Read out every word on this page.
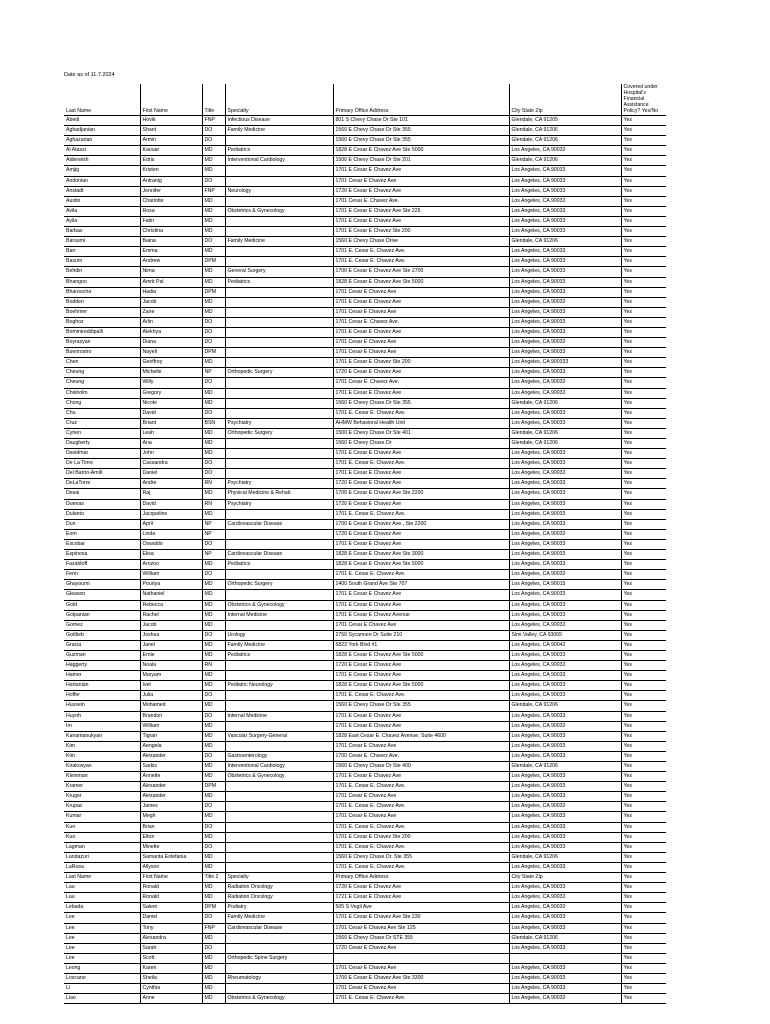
Date as of 11.7.2024
Last Name	First Name	Title	Specialty	Primary Office Address	City State Zip	Covered under Hospital's Financial Assistance Policy? Yes/No
Abedi	Hovik	FNP	Infectious Disease	801 S Chevy Chase Dr Ste 101	Glendale, CA 91205	Yes
Aghadjanian	Shant	DO	Family Medicine	1560 E Chevy Chase Dr Ste 355	Glendale, CA 91206	Yes
Aghazarian	Armin	DO		1560 E Chevy Chase Dr Ste 355	Glendale, CA 91206	Yes
Al Atassi	Kaouar	MD	Pediatrics	1828 E Cesar E Chavez Ave Ste 5000	Los Angeles, CA 90033	Yes
Alderwish	Edris	MD	Interventional Cardiology	1500 E Chevy Chase Dr Ste 201	Glendale, CA 91206	Yes
Amjig	Kristen	MD		1701 E Cesar E Chavez Ave	Los Angeles, CA 90033	Yes
Andonian	Antranig	DO		1701 Cesar E Chavez Ave	Los Angeles, CA 90033	Yes
Anstadt	Jennifer	FNP	Neurology	1720 E Cesar E Chavez Ave	Los Angeles, CA 90033	Yes
Austin	Charlotte	MD		1701 Cesar E. Chavez Ave.	Los Angeles, CA 90033	Yes
Avila	Rosa	MD	Obstetrics & Gynecology	1701 E Cesar E Chavez Ave Ste 225	Los Angeles, CA 90033	Yes
Aylia	Fatin	MD		1701 E Cesar E Chavez Ave	Los Angeles, CA 90033	Yes
Barbas	Christina	MD		1701 E Cesar E Chavez Ste 200	Los Angeles, CA 90033	Yes
Barsumi	Baina	DO	Family Medicine	1560 E Chevy Chase Drive	Glendale, CA 91206	Yes
Barr	Emma	MD		1701 E. Cesar E. Chavez Ave.	Los Angeles, CA 90033	Yes
Basum	Andrew	DPM		1701 E. Cesar E. Chavez Ave.	Los Angeles, CA 90033	Yes
Behdin	Nima	MD	General Surgery	1700 E Cesar E Chavez Ave Ste 2700	Los Angeles, CA 90033	Yes
Bhangoo	Amrit Pal	MD	Pediatrics	1828 E Cesar E Chavez Ave Ste 5000	Los Angeles, CA 90033	Yes
Bharoocha	Hadia	DPM		1701 Cesar E Chavez Ave	Los Angeles, CA 90033	Yes
Bodden	Jacob	MD		1701 E Cesar E Chavez Ave	Los Angeles, CA 90033	Yes
Boehmer	Zane	MD		1701 Cesar E Chavez Ave	Los Angeles, CA 90033	Yes
Boghoz	Arlin	DO		1701 Cesar E. Chavez Ave.	Los Angeles, CA 90033	Yes
Bommireddipalli	Alekhya	DO		1701 E Cesar E Chavez Ave	Los Angeles, CA 90033	Yes
Boyrazyan	Diana	DO		1701 Cesar E Chavez Ave	Los Angeles, CA 90033	Yes
Buenrostro	Nayeli	DPM		1701 Cesar E Chavez Ave	Los Angeles, CA 90033	Yes
Chen	Geoffrey	MD		1701 E Cesar E Chavez Ste 200	Los Angeles, CA 900333	Yes
Cheung	Michelle	NP	Orthopedic Surgery	1720 E Cesar E Chavez Ave	Los Angeles, CA 90033	Yes
Cheung	Willy	DO		1701 Cesar E. Chavez Ave.	Los Angeles, CA 90033	Yes
Chisholm	Gregory	MD		1701 E Cesar E Chavez Ave	Los Angeles, CA 90033	Yes
Chong	Nicole	MD		1560 E Chevy Chase Dr Ste 355	Glendale, CA 91206	Yes
Chu	David	DO		1701 E. Cesar E. Chavez Ave.	Los Angeles, CA 90033	Yes
Cruz	Briant	BSN	Psychiatry	AHMW Behavioral Health Unit	Los Angeles, CA 90033	Yes
Cyrien	Leah	MD	Orthopedic Surgery	1500 E Chevy Chase Dr Ste 401	Glendale, CA 91206	Yes
Daugherty	Ana	MD		1560 E Chevy Chase Dr	Glendale, CA 91206	Yes
Davidmar	John	MD		1701 E Cesar E Chavez Ave	Los Angeles, CA 90033	Yes
De La Torre	Cassandra	DO		1701 E. Cesar E. Chavez Ave.	Los Angeles, CA 90033	Yes
Del Barrio-Amill	Daniel	DO		1701 E Cesar E Chavez Ave	Los Angeles, CA 90033	Yes
DeLaTorre	Andre	RN	Psychiatry	1720 E Cesar E Chavez Ave	Los Angeles, CA 90033	Yes
Desai	Raj	MD	Physical Medicine & Rehab	1700 E Cesar E Chavez Ave Ste 2200	Los Angeles, CA 90033	Yes
Duenas	David	RN	Psychiatry	1720 E Cesar E Chavez Ave	Los Angeles, CA 90033	Yes
Dulanto	Jacqueline	MD		1701 E. Cesar E. Chavez Ave.	Los Angeles, CA 90033	Yes
Dun	April	NP	Cardiovascular Disease	1700 E Cesar E Chavez Ave., Ste 2200	Los Angeles, CA 90033	Yes
Eom	Linda	NP		1720 E Cesar E Chavez Ave	Los Angeles, CA 90033	Yes
Escobar	Oswaldo	DO		1701 E Cesar E Chavez Ave	Los Angeles, CA 90033	Yes
Espinosa	Elisa	NP	Cardiovascular Disease	1828 E Cesar E Chavez Ave Ste 3000	Los Angeles, CA 90033	Yes
Fazaldoff	Arozoo	MD	Pediatrics	1828 E Cesar E Chavez Ave Ste 5000	Los Angeles, CA 90033	Yes
Fenn	William	DO		1701 E. Cesar E. Chavez Ave.	Los Angeles, CA 90033	Yes
Ghayoumi	Pouriya	MD	Orthopedic Surgery	1400 South Grand Ave Ste 707	Los Angeles, CA 90015	Yes
Gleason	Nathaniel	MD		1701 E Cesar E Chavez Ave	Los Angeles, CA 90033	Yes
Gold	Rebecca	MD	Obstetrics & Gynecology	1701 E Cesar E Chavez Ave	Los Angeles, CA 90033	Yes
Golpanian	Rachel	MD	Internal Medicine	1701 E Cesar E Chavez Avenue	Los Angeles, CA 90033	Yes
Gomez	Jacob	MD		1701 Cesar E Chavez Ave	Los Angeles, CA 90033	Yes
Gottlieb	Joshua	DO	Urology	2750 Sycamore Dr Suite 210	Simi Valley, CA 93065	Yes
Gracia	Janel	MD	Family Medicine	5823 York Blvd #1	Los Angeles, CA 90042	Yes
Guzman	Ernie	MD	Pediatrics	1828 E Cesar E Chavez Ave Ste 5000	Los Angeles, CA 90033	Yes
Haggerty	Noala	RN		1720 E Cesar E Chavez Ave	Los Angeles, CA 90033	Yes
Hamer	Maryam	MD		1701 E Cesar E Chavez Ave	Los Angeles, CA 90033	Yes
Hartanian	Ivet	MD	Pediatric Neurology	1828 E Cesar E Chavez Ave Ste 5000	Los Angeles, CA 90033	Yes
Hoffer	Julia	DO		1701 E. Cesar E. Chavez Ave.	Los Angeles, CA 90033	Yes
Hussein	Mohamed	MD		1560 E Chevy Chase Dr Ste 355	Glendale, CA 91206	Yes
Huynh	Brandon	DO	Internal Medicine	1701 E Cesar E Chavez Ave	Los Angeles, CA 90033	Yes
Im	William	MD		1701 E Cesar E Chavez Ave	Los Angeles, CA 90033	Yes
Kanamanukyan	Tigran	MD	Vascular Surgery-General	1828 East Cesar E. Chavez Avenue, Suite 4600	Los Angeles, CA 90033	Yes
Kim	Aengela	MD		1701 Cesar E Chavez Ave	Los Angeles, CA 90033	Yes
Kim	Alexander	DO	Gastroenterology	1700 Cesar E. Chavez Ave.	Los Angeles, CA 90033	Yes
Kirakosyan	Sarkis	MD	Interventional Cardiology	1560 E Chevy Chase Dr Ste 400	Glendale, CA 91206	Yes
Kleinman	Annette	MD	Obstetrics & Gynecology	1701 E Cesar E Chavez Ave	Los Angeles, CA 90033	Yes
Kramer	Alexander	DPM		1701 E. Cesar E. Chavez Ave.	Los Angeles, CA 90033	Yes
Kruger	Alexander	MD		1701 Cesar E Chavez Ave	Los Angeles, CA 90033	Yes
Krupac	James	DO		1701 E. Cesar E. Chavez Ave.	Los Angeles, CA 90033	Yes
Kumar	Megh	MD		1701 Cesar E Chavez Ave	Los Angeles, CA 90033	Yes
Kun	Brian	DO		1701 E. Cesar E. Chavez Ave.	Los Angeles, CA 90033	Yes
Kuo	Elton	MD		1701 E Cesar E Chavez Ste 200	Los Angeles, CA 90033	Yes
Lagman	Minette	DO		1701 E. Cesar E. Chavez Ave.	Los Angeles, CA 90033	Yes
Landazuri	Samanta Estefania	MD		1560 E Chevy Chase Dr. Ste 355	Glendale, CA 91206	Yes
LaRosa	Allyson	MD		1701 E. Cesar E. Chavez Ave.	Los Angeles, CA 90033	Yes
Last Name	First Name	Title 2	Specialty	Primary Office Address	City State Zip	Yes
Lau	Ronald	MD	Radiation Oncology	1720 E Cesar E Chavez Ave	Los Angeles, CA 90033	Yes
Lau	Ronald	MD	Radiation Oncology	1721 E Cesar E Chavez Ave	Los Angeles, CA 90033	Yes
Lebada	Salem	DPM	Podiatry	505 S Vegil Ave	Los Angeles, CA 90020	Yes
Lee	Daniel	DO	Family Medicine	1701 E Cesar E Chavez Ave Ste 230	Los Angeles, CA 90033	Yes
Lee	Tony	FNP	Cardiovascular Disease	1701 Cesar E Chavez Ave Ste 125	Los Angeles, CA 90033	Yes
Lee	Alexandra	MD		1560 E Chevy Chase Dr STE 355	Glendale, CA 91206	Yes
Lee	Sarah	DO		1720 Cesar E Chavez Ave	Los Angeles, CA 90033	Yes
Lee	Scott	MD	Orthopedic Spine Surgery			Yes
Leong	Karen	MD		1701 Cesar E Chavez Ave	Los Angeles, CA 90033	Yes
Lozcano	Sheila	MD	Rheumatology	1700 E Cesar E Chavez Ave Ste 3300	Los Angeles, CA 90033	Yes
Li	Cynthia	MD		1701 Cesar E Chavez Ave	Los Angeles, CA 90033	Yes
Liao	Anne	MD	Obstetrics & Gynecology	1701 E. Cesar E. Chavez Ave.	Los Angeles, CA 90033	Yes
